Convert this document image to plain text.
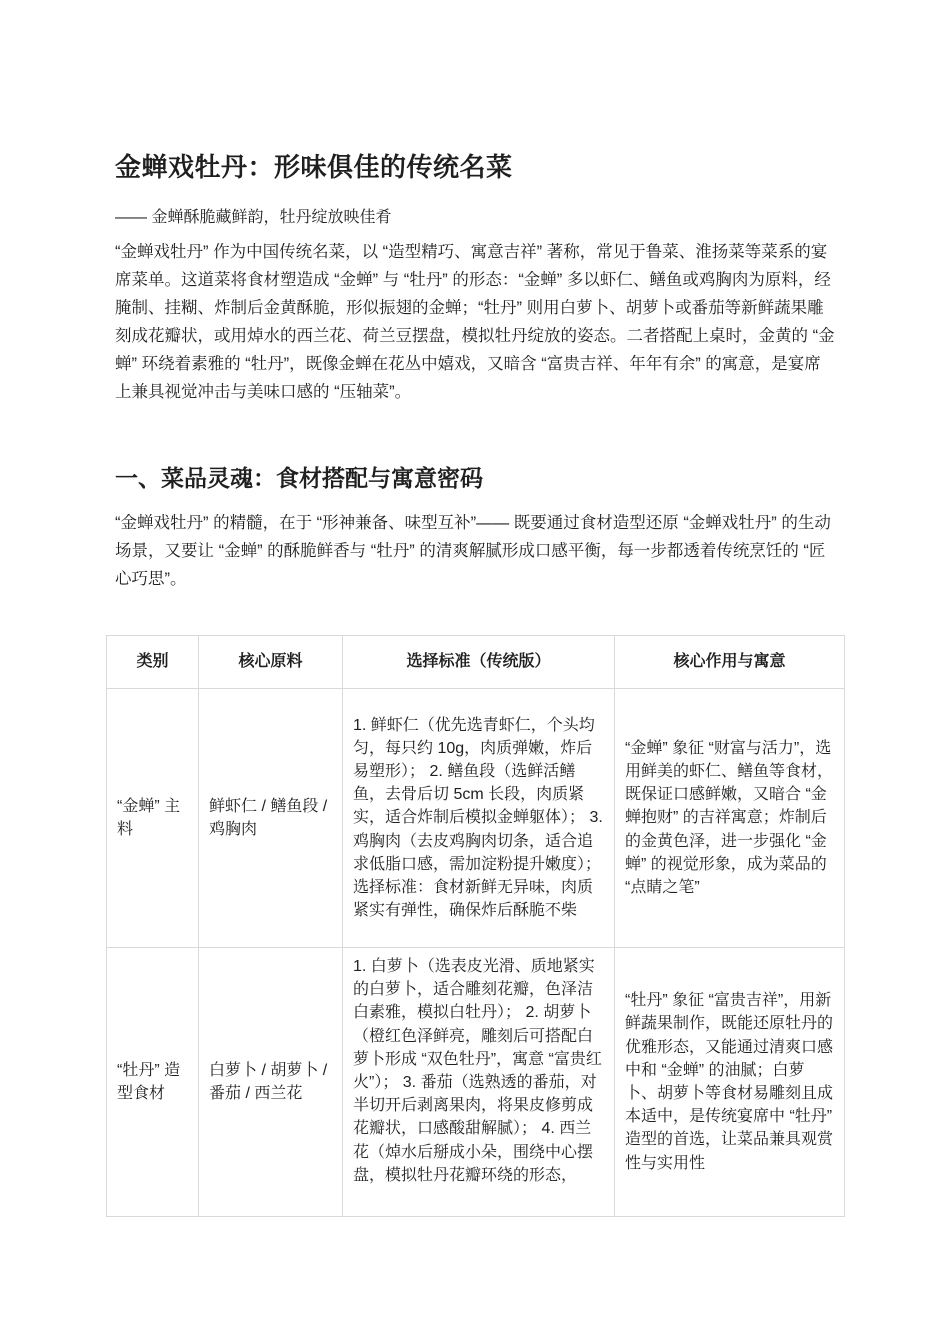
金蝉戏牡丹：形味俱佳的传统名菜

—— 金蝉酥脆藏鲜韵，牡丹绽放映佳肴

“金蝉戏牡丹” 作为中国传统名菜，以 “造型精巧、寓意吉祥” 著称，常见于鲁菜、淮扬菜等菜系的宴席菜单。这道菜将食材塑造成 “金蝉” 与 “牡丹” 的形态：“金蝉” 多以虾仁、鳝鱼或鸡胸肉为原料，经腌制、挂糊、炸制后金黄酥脆，形似振翅的金蝉；“牡丹” 则用白萝卜、胡萝卜或番茄等新鲜蔬果雕刻成花瓣状，或用焯水的西兰花、荷兰豆摆盘，模拟牡丹绽放的姿态。二者搭配上桌时，金黄的 “金蝉” 环绕着素雅的 “牡丹”，既像金蝉在花丛中嬉戏，又暗含 “富贵吉祥、年年有余” 的寓意，是宴席上兼具视觉冲击与美味口感的 “压轴菜”。

一、菜品灵魂：食材搭配与寓意密码

“金蝉戏牡丹” 的精髓，在于 “形神兼备、味型互补”—— 既要通过食材造型还原 “金蝉戏牡丹” 的生动场景，又要让 “金蝉” 的酥脆鲜香与 “牡丹” 的清爽解腻形成口感平衡，每一步都透着传统烹饪的 “匠心巧思”。

类别	核心原料	选择标准（传统版）	核心作用与寓意
“金蝉” 主料	鲜虾仁 / 鳝鱼段 / 鸡胸肉	1. 鲜虾仁（优先选青虾仁，个头均匀，每只约 10g，肉质弹嫩，炸后易塑形）； 2. 鳝鱼段（选鲜活鳝鱼，去骨后切 5cm 长段，肉质紧实，适合炸制后模拟金蝉躯体）； 3. 鸡胸肉（去皮鸡胸肉切条，适合追求低脂口感，需加淀粉提升嫩度）； 选择标准：食材新鲜无异味，肉质紧实有弹性，确保炸后酥脆不柴	“金蝉” 象征 “财富与活力”，选用鲜美的虾仁、鳝鱼等食材，既保证口感鲜嫩，又暗合 “金蝉抱财” 的吉祥寓意；炸制后的金黄色泽，进一步强化 “金蝉” 的视觉形象，成为菜品的 “点睛之笔”
“牡丹” 造型食材	白萝卜 / 胡萝卜 / 番茄 / 西兰花	1. 白萝卜（选表皮光滑、质地紧实的白萝卜，适合雕刻花瓣，色泽洁白素雅，模拟白牡丹）； 2. 胡萝卜（橙红色泽鲜亮，雕刻后可搭配白萝卜形成 “双色牡丹”，寓意 “富贵红火”）； 3. 番茄（选熟透的番茄，对半切开后剥离果肉，将果皮修剪成花瓣状，口感酸甜解腻）； 4. 西兰花（焯水后掰成小朵，围绕中心摆盘，模拟牡丹花瓣环绕的形态，	“牡丹” 象征 “富贵吉祥”，用新鲜蔬果制作，既能还原牡丹的优雅形态，又能通过清爽口感中和 “金蝉” 的油腻；白萝卜、胡萝卜等食材易雕刻且成本适中，是传统宴席中 “牡丹” 造型的首选，让菜品兼具观赏性与实用性
